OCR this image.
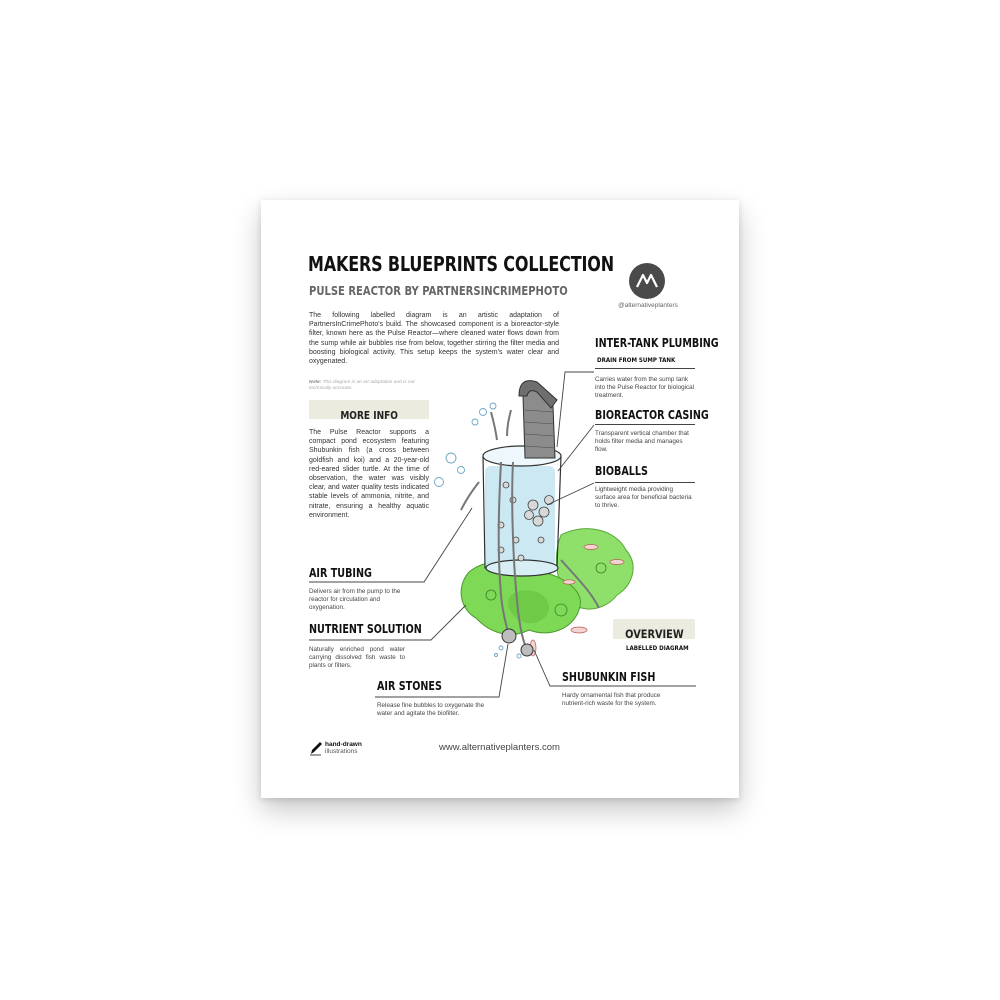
MAKERS BLUEPRINTS COLLECTION
PULSE REACTOR BY PARTNERSINCRIMEPHOTO
@alternativeplanters
The following labelled diagram is an artistic adaptation of PartnersInCrimePhoto's build. The showcased component is a bioreactor-style filter, known here as the Pulse Reactor—where cleaned water flows down from the sump while air bubbles rise from below, together stirring the filter media and boosting biological activity. This setup keeps the system's water clear and oxygenated.
Note: This diagram is an art adaptation and is not technically accurate.
MORE INFO
The Pulse Reactor supports a compact pond ecosystem featuring Shubunkin fish (a cross between goldfish and koi) and a 20-year-old red-eared slider turtle. At the time of observation, the water was visibly clear, and water quality tests indicated stable levels of ammonia, nitrite, and nitrate, ensuring a healthy aquatic environment.
INTER-TANK PLUMBING
DRAIN FROM SUMP TANK
Carries water from the sump tank into the Pulse Reactor for biological treatment.
BIOREACTOR CASING
Transparent vertical chamber that holds filter media and manages flow.
BIOBALLS
Lightweight media providing surface area for beneficial bacteria to thrive.
AIR TUBING
Delivers air from the pump to the reactor for circulation and oxygenation.
NUTRIENT SOLUTION
Naturally enriched pond water carrying dissolved fish waste to plants or filters.
AIR STONES
Release fine bubbles to oxygenate the water and agitate the biofilter.
OVERVIEW
LABELLED DIAGRAM
SHUBUNKIN FISH
Hardy ornamental fish that produce nutrient-rich waste for the system.
hand-drawn
illustrations	www.alternativeplanters.com
